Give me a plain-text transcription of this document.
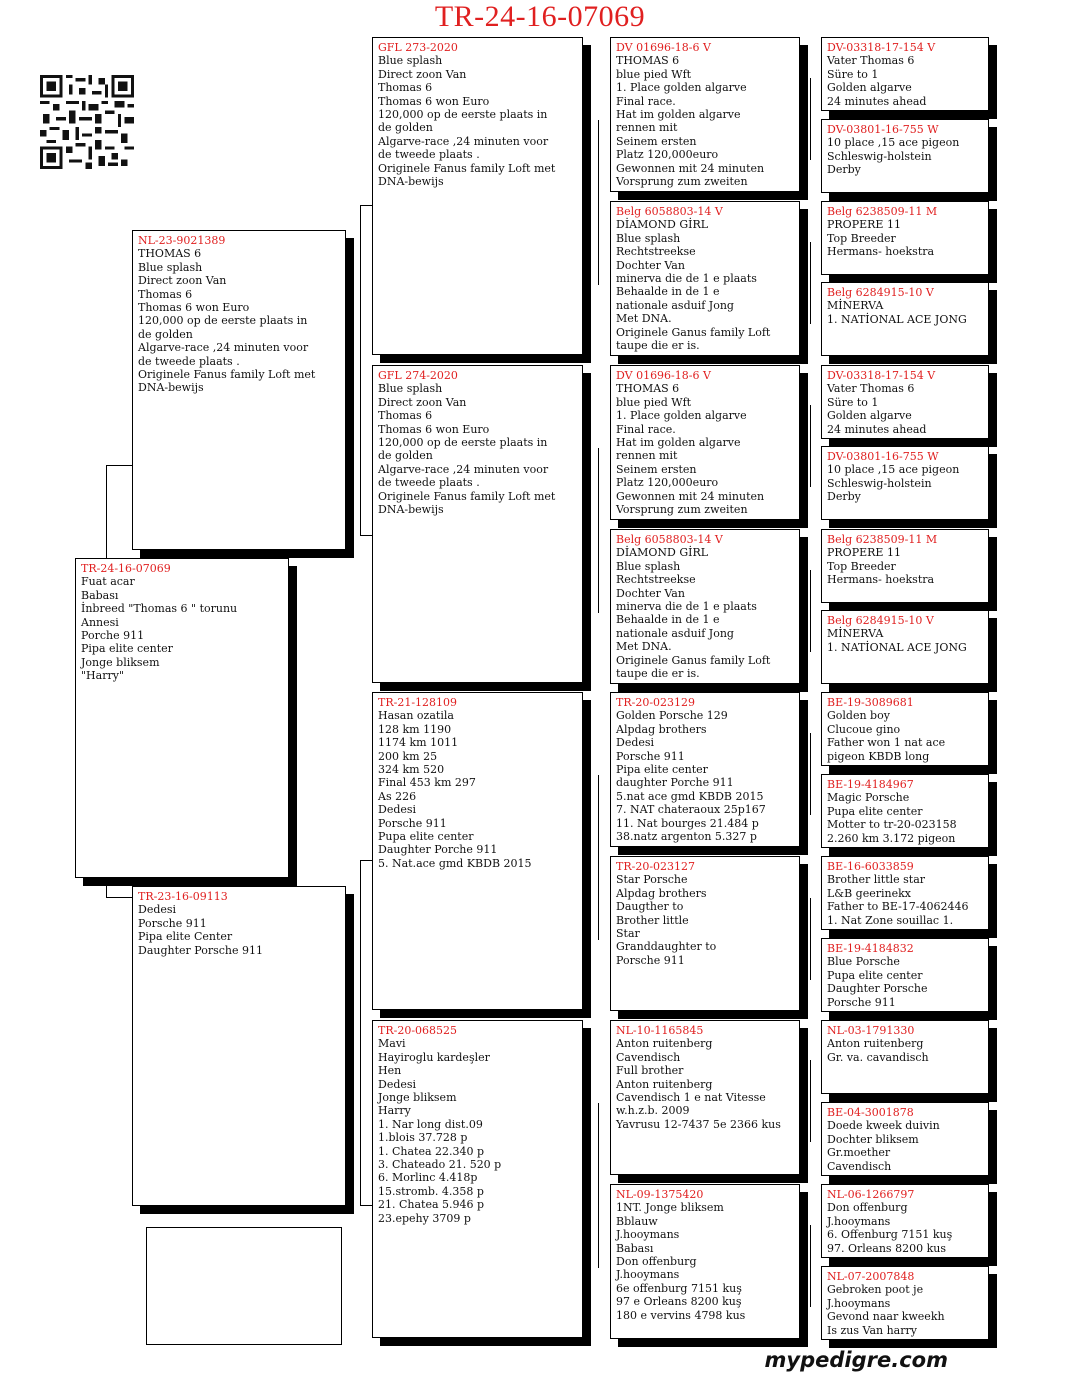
TR-24-16-07069
TR-24-16-07069
Fuat acar
Babası
İnbreed "Thomas 6 " torunu
Annesi
Porche 911
Pipa elite center
Jonge bliksem
"Harry"
NL-23-9021389
THOMAS 6
Blue splash
Direct zoon Van
Thomas 6
Thomas 6 won Euro
120,000 op de eerste plaats in
de golden
Algarve-race ,24 minuten voor
de tweede plaats .
Originele Fanus family Loft met
DNA-bewijs
TR-23-16-09113
Dedesi
Porsche 911
Pipa elite Center
Daughter Porsche 911
GFL 273-2020
Blue splash
Direct zoon Van
Thomas 6
Thomas 6 won Euro
120,000 op de eerste plaats in
de golden
Algarve-race ,24 minuten voor
de tweede plaats .
Originele Fanus family Loft met
DNA-bewijs
GFL 274-2020
Blue splash
Direct zoon Van
Thomas 6
Thomas 6 won Euro
120,000 op de eerste plaats in
de golden
Algarve-race ,24 minuten voor
de tweede plaats .
Originele Fanus family Loft met
DNA-bewijs
TR-21-128109
Hasan ozatila
128 km 1190
1174 km 1011
200 km 25
324 km 520
Final 453 km 297
As 226
Dedesi
Porsche 911
Pupa elite center
Daughter Porche 911
5. Nat.ace gmd KBDB 2015
TR-20-068525
Mavi
Hayiroglu kardeşler
Hen
Dedesi
Jonge bliksem
Harry
1. Nar long dist.09
1.blois 37.728 p
1. Chatea 22.340 p
3. Chateado 21. 520 p
6. Morlinc 4.418p
15.stromb. 4.358 p
21. Chatea 5.946 p
23.epehy 3709 p
DV 01696-18-6 V
THOMAS 6
blue pied Wft
1. Place golden algarve
Final race.
Hat im golden algarve
rennen mit
Seinem ersten
Platz 120,000euro
Gewonnen mit 24 minuten
Vorsprung zum zweiten
Belg 6058803-14 V
DİAMOND GİRL
Blue splash
Rechtstreekse
Dochter Van
minerva die de 1 e plaats
Behaalde in de 1 e
nationale asduif Jong
Met DNA.
Originele Ganus family Loft
taupe die er is.
DV 01696-18-6 V
THOMAS 6
blue pied Wft
1. Place golden algarve
Final race.
Hat im golden algarve
rennen mit
Seinem ersten
Platz 120,000euro
Gewonnen mit 24 minuten
Vorsprung zum zweiten
Belg 6058803-14 V
DİAMOND GİRL
Blue splash
Rechtstreekse
Dochter Van
minerva die de 1 e plaats
Behaalde in de 1 e
nationale asduif Jong
Met DNA.
Originele Ganus family Loft
taupe die er is.
TR-20-023129
Golden Porsche 129
Alpdag brothers
Dedesi
Porsche 911
Pipa elite center
daughter Porche 911
5.nat ace gmd KBDB 2015
7. NAT chateraoux 25p167
11. Nat bourges 21.484 p
38.natz argenton 5.327 p
TR-20-023127
Star Porsche
Alpdag brothers
Daugther to
Brother little
Star
Granddaughter to
Porsche 911
NL-10-1165845
Anton ruitenberg
Cavendisch
Full brother
Anton ruitenberg
Cavendisch 1 e nat Vitesse
w.h.z.b. 2009
Yavrusu 12-7437 5e 2366 kus
NL-09-1375420
1NT. Jonge bliksem
Bblauw
J.hooymans
Babası
Don offenburg
J.hooymans
6e offenburg 7151 kuş
97 e Orleans 8200 kuş
180 e vervins 4798 kus
DV-03318-17-154 V
Vater Thomas 6
Süre to 1
Golden algarve
24 minutes ahead
DV-03801-16-755 W
10 place ,15 ace pigeon
Schleswig-holstein
Derby
Belg 6238509-11 M
PROPERE 11
Top Breeder
Hermans- hoekstra
Belg 6284915-10 V
MİNERVA
1. NATİONAL ACE JONG
DV-03318-17-154 V
Vater Thomas 6
Süre to 1
Golden algarve
24 minutes ahead
DV-03801-16-755 W
10 place ,15 ace pigeon
Schleswig-holstein
Derby
Belg 6238509-11 M
PROPERE 11
Top Breeder
Hermans- hoekstra
Belg 6284915-10 V
MİNERVA
1. NATİONAL ACE JONG
BE-19-3089681
Golden boy
Clucoue gino
Father won 1 nat ace
pigeon KBDB long
BE-19-4184967
Magic Porsche
Pupa elite center
Motter to tr-20-023158
2.260 km 3.172 pigeon
BE-16-6033859
Brother little star
L&B geerinekx
Father to BE-17-4062446
1. Nat Zone souillac 1.
BE-19-4184832
Blue Porsche
Pupa elite center
Daughter Porsche
Porsche 911
NL-03-1791330
Anton ruitenberg
Gr. va. cavandisch
BE-04-3001878
Doede kweek duivin
Dochter bliksem
Gr.moether
Cavendisch
NL-06-1266797
Don offenburg
J.hooymans
6. Offenburg 7151 kuş
97. Orleans 8200 kus
NL-07-2007848
Gebroken poot je
J.hooymans
Gevond naar kweekh
Is zus Van harry
mypedigre.com
